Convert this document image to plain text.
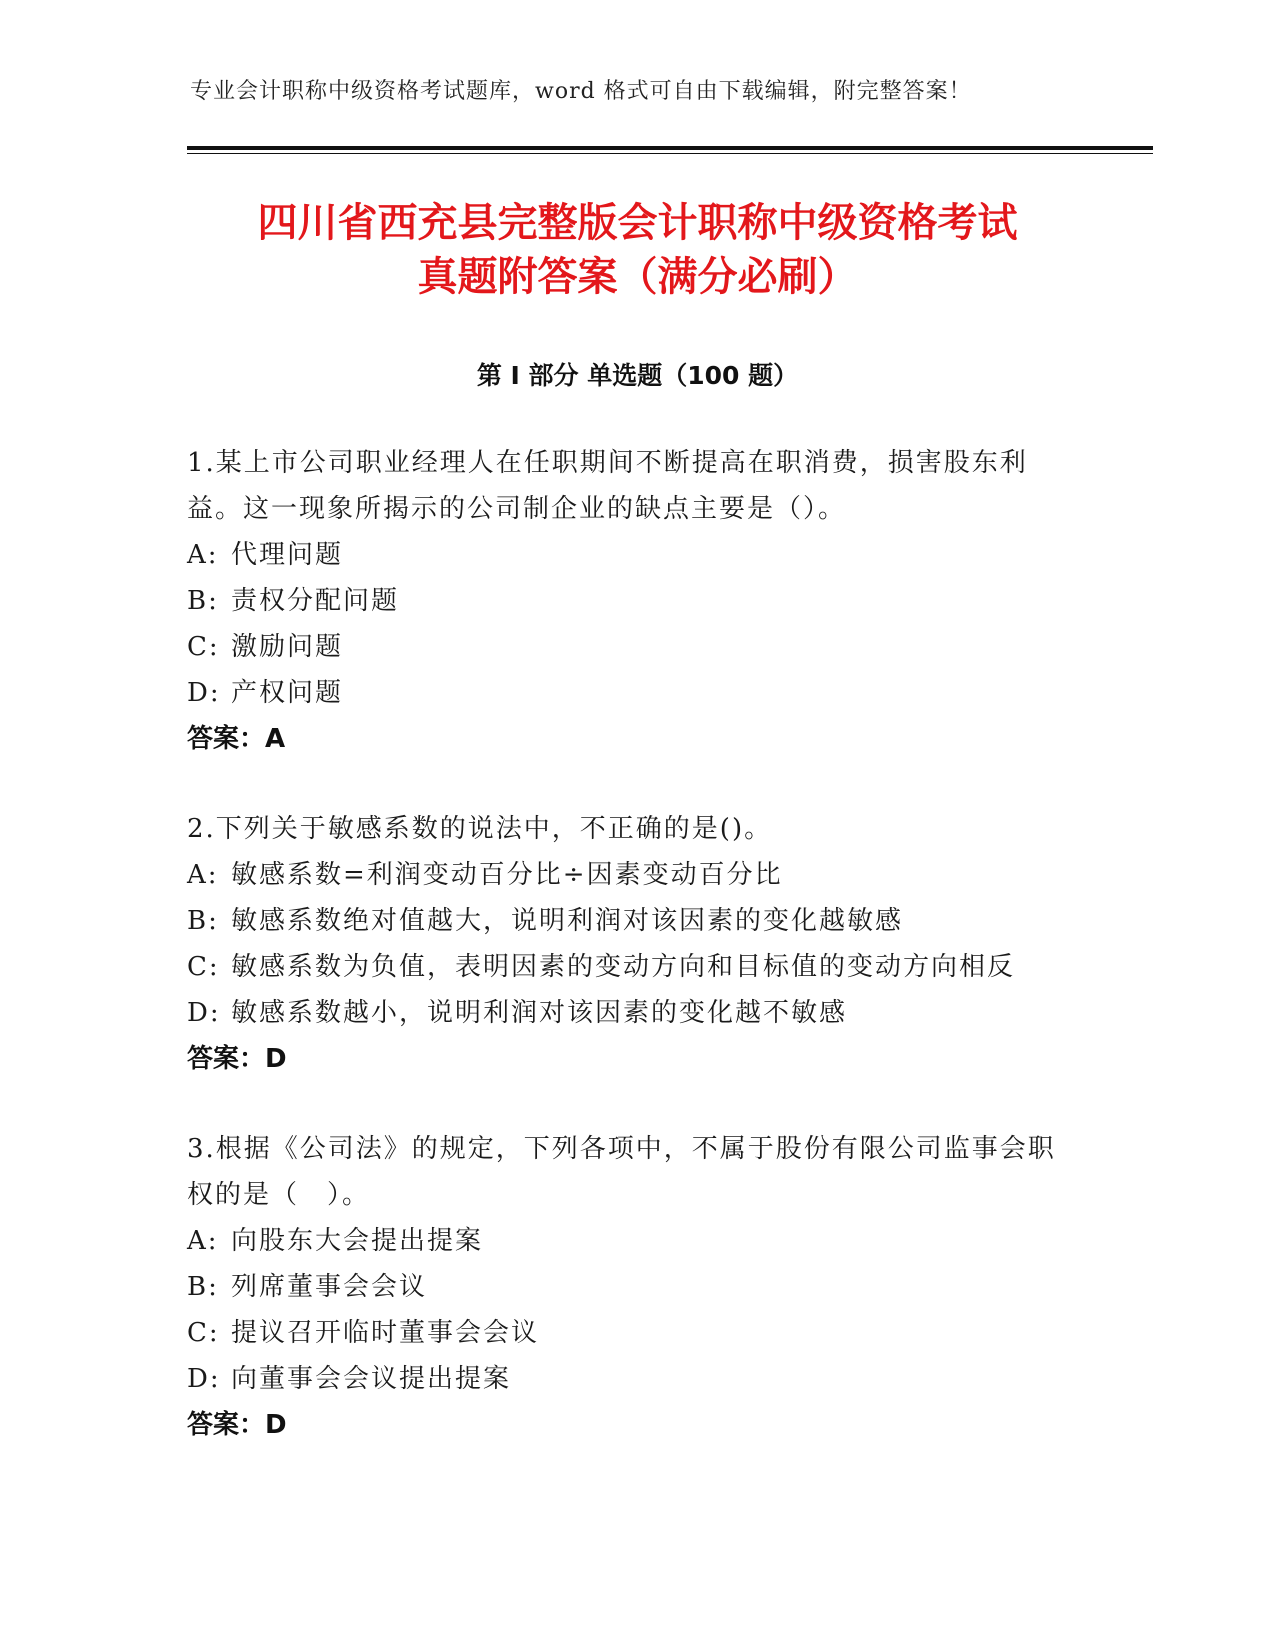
专业会计职称中级资格考试题库，word 格式可自由下载编辑，附完整答案！
四川省西充县完整版会计职称中级资格考试
真题附答案（满分必刷）
第 I 部分 单选题（100 题）

1.某上市公司职业经理人在任职期间不断提高在职消费，损害股东利益。这一现象所揭示的公司制企业的缺点主要是（）。

A: 代理问题
B: 责权分配问题
C: 激励问题
D: 产权问题
答案：A

2.下列关于敏感系数的说法中，不正确的是()。

A: 敏感系数=利润变动百分比÷因素变动百分比
B: 敏感系数绝对值越大，说明利润对该因素的变化越敏感
C: 敏感系数为负值，表明因素的变动方向和目标值的变动方向相反
D: 敏感系数越小，说明利润对该因素的变化越不敏感
答案：D

3.根据《公司法》的规定，下列各项中，不属于股份有限公司监事会职权的是（　）。

A: 向股东大会提出提案
B: 列席董事会会议
C: 提议召开临时董事会会议
D: 向董事会会议提出提案
答案：D
